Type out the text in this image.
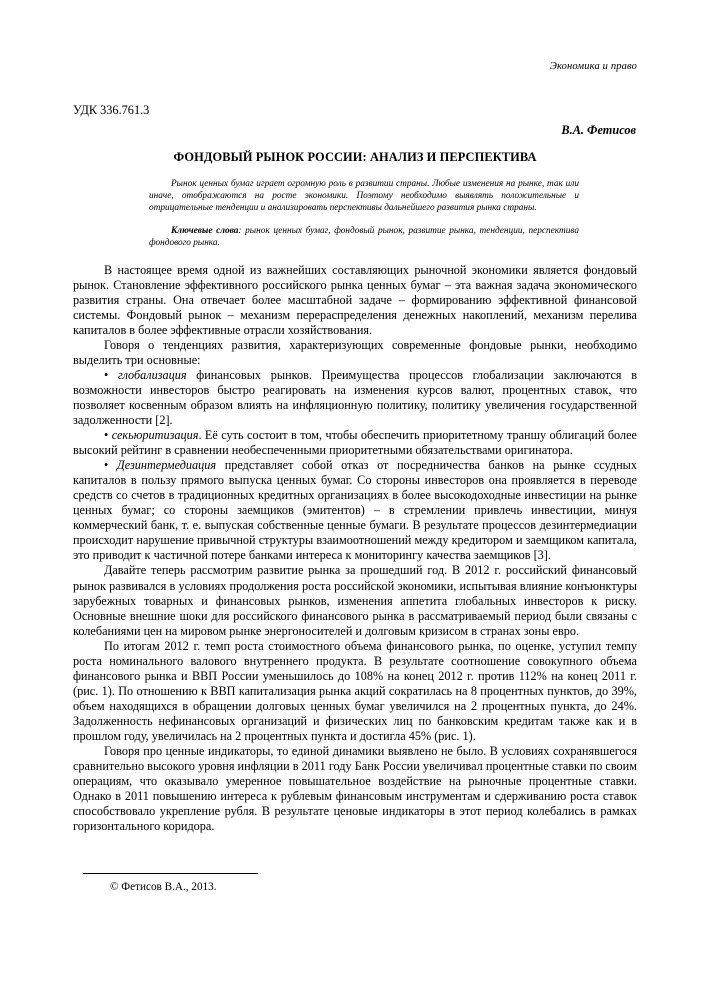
Экономика и право
УДК 336.761.3
В.А. Фетисов
ФОНДОВЫЙ РЫНОК РОССИИ: АНАЛИЗ И ПЕРСПЕКТИВА
Рынок ценных бумаг играет огромную роль в развитии страны. Любые изменения на рынке, так или иначе, отображаются на росте экономики. Поэтому необходимо выявлять положительные и отрицательные тенденции и анализировать перспективы дальнейшего развития рынка страны.
Ключевые слова: рынок ценных бумаг, фондовый рынок, развитие рынка, тенденции, перспектива фондового рынка.

В настоящее время одной из важнейших составляющих рыночной экономики является фондовый рынок. Становление эффективного российского рынка ценных бумаг – эта важная задача экономического развития страны. Она отвечает более масштабной задаче – формированию эффективной финансовой системы. Фондовый рынок – механизм перераспределения денежных накоплений, механизм перелива капиталов в более эффективные отрасли хозяйствования.

Говоря о тенденциях развития, характеризующих современные фондовые рынки, необходимо выделить три основные:

• глобализация финансовых рынков. Преимущества процессов глобализации заключаются в возможности инвесторов быстро реагировать на изменения курсов валют, процентных ставок, что позволяет косвенным образом влиять на инфляционную политику, политику увеличения государственной задолженности [2].

• секьюритизация. Её суть состоит в том, чтобы обеспечить приоритетному траншу облигаций более высокий рейтинг в сравнении необеспеченными приоритетными обязательствами оригинатора.

• Дезинтермедиация представляет собой отказ от посредничества банков на рынке ссудных капиталов в пользу прямого выпуска ценных бумаг. Со стороны инвесторов она проявляется в переводе средств со счетов в традиционных кредитных организациях в более высокодоходные инвестиции на рынке ценных бумаг; со стороны заемщиков (эмитентов) – в стремлении привлечь инвестиции, минуя коммерческий банк, т. е. выпуская собственные ценные бумаги. В результате процессов дезинтермедиации происходит нарушение привычной структуры взаимоотношений между кредитором и заемщиком капитала, это приводит к частичной потере банками интереса к мониторингу качества заемщиков [3].

Давайте теперь рассмотрим развитие рынка за прошедший год. В 2012 г. российский финансовый рынок развивался в условиях продолжения роста российской экономики, испытывая влияние конъюнктуры зарубежных товарных и финансовых рынков, изменения аппетита глобальных инвесторов к риску. Основные внешние шоки для российского финансового рынка в рассматриваемый период были связаны с колебаниями цен на мировом рынке энергоносителей и долговым кризисом в странах зоны евро.

По итогам 2012 г. темп роста стоимостного объема финансового рынка, по оценке, уступил темпу роста номинального валового внутреннего продукта. В результате соотношение совокупного объема финансового рынка и ВВП России уменьшилось до 108% на конец 2012 г. против 112% на конец 2011 г. (рис. 1). По отношению к ВВП капитализация рынка акций сократилась на 8 процентных пунктов, до 39%, объем находящихся в обращении долговых ценных бумаг увеличился на 2 процентных пункта, до 24%. Задолженность нефинансовых организаций и физических лиц по банковским кредитам также как и в прошлом году, увеличилась на 2 процентных пункта и достигла 45% (рис. 1).

Говоря про ценные индикаторы, то единой динамики выявлено не было. В условиях сохранявшегося сравнительно высокого уровня инфляции в 2011 году Банк России увеличивал процентные ставки по своим операциям, что оказывало умеренное повышательное воздействие на рыночные процентные ставки. Однако в 2011 повышению интереса к рублевым финансовым инструментам и сдерживанию роста ставок способствовало укрепление рубля. В результате ценовые индикаторы в этот период колебались в рамках горизонтального коридора.

© Фетисов В.А., 2013.
